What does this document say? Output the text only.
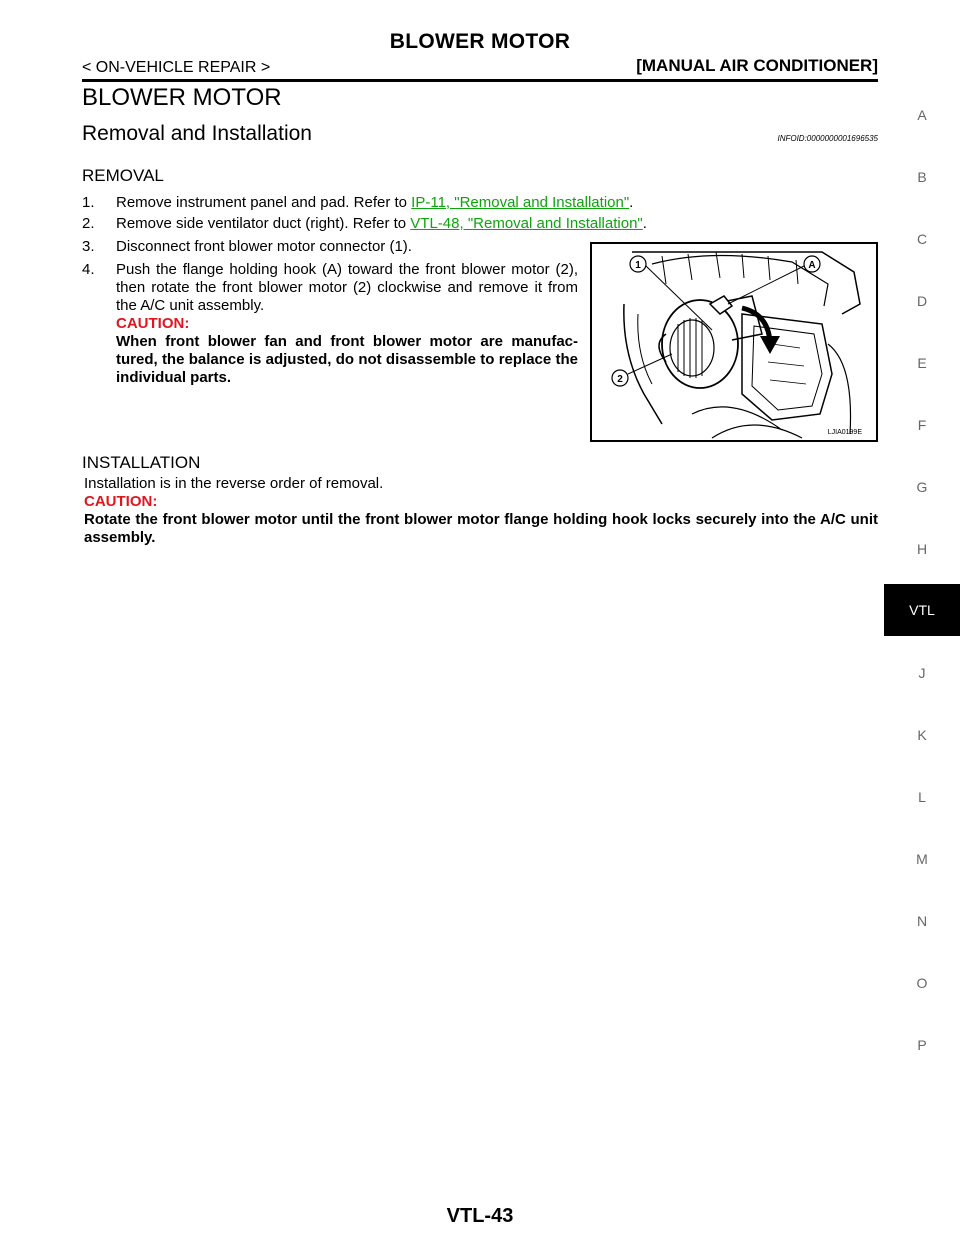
BLOWER MOTOR
< ON-VEHICLE REPAIR >	[MANUAL AIR CONDITIONER]
BLOWER MOTOR
Removal and Installation	INFOID:0000000001696535
REMOVAL
1. Remove instrument panel and pad. Refer to IP-11, "Removal and Installation".
2. Remove side ventilator duct (right). Refer to VTL-48, "Removal and Installation".
3. Disconnect front blower motor connector (1).
4. Push the flange holding hook (A) toward the front blower motor (2), then rotate the front blower motor (2) clockwise and remove it from the A/C unit assembly.
CAUTION:
When front blower fan and front blower motor are manufac-tured, the balance is adjusted, do not disassemble to replace the individual parts.
1	A
2
LJIA0199E
INSTALLATION
Installation is in the reverse order of removal.
CAUTION:
Rotate the front blower motor until the front blower motor flange holding hook locks securely into the A/C unit assembly.
A
B
C
D
E
F
G
H
VTL
J
K
L
M
N
O
P
VTL-43
